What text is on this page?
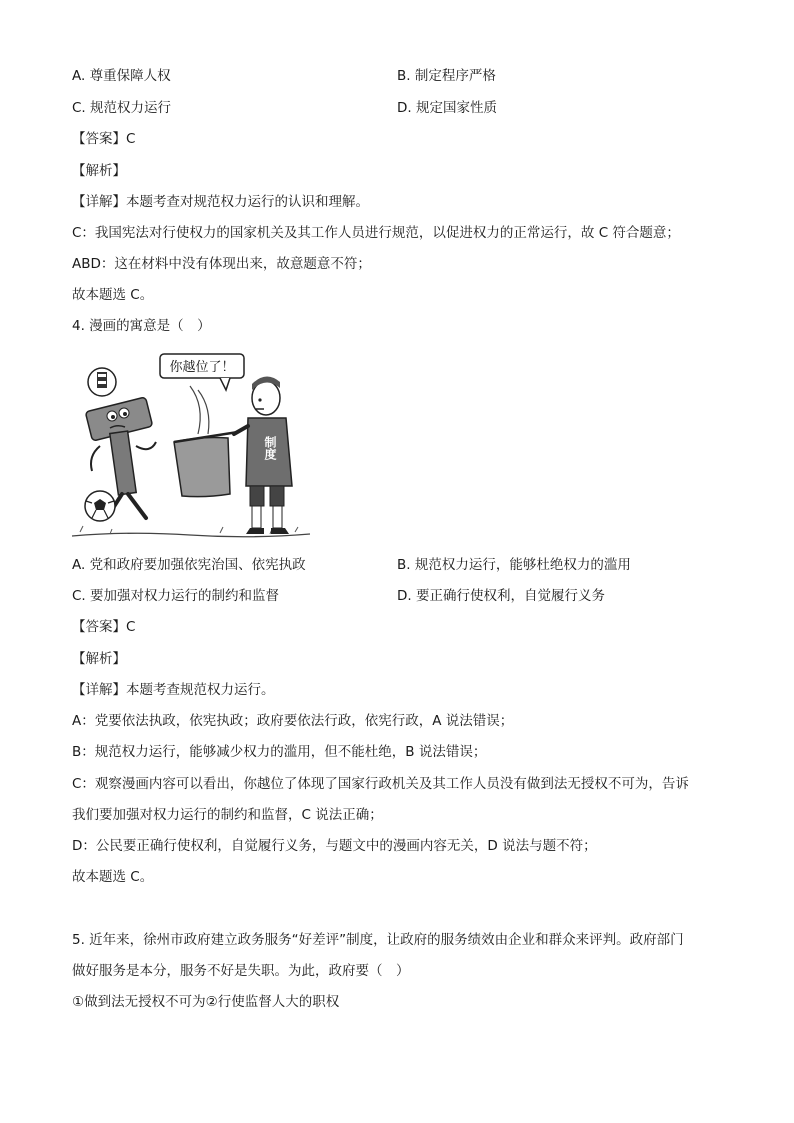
A. 尊重保障人权	B. 制定程序严格
C. 规范权力运行	D. 规定国家性质
【答案】C
【解析】
【详解】本题考查对规范权力运行的认识和理解。
C：我国宪法对行使权力的国家机关及其工作人员进行规范，以促进权力的正常运行，故 C 符合题意；
ABD：这在材料中没有体现出来，故意题意不符；
故本题选 C。
4. 漫画的寓意是（　）
你越位了！
制度
A. 党和政府要加强依宪治国、依宪执政	B. 规范权力运行，能够杜绝权力的滥用
C. 要加强对权力运行的制约和监督	D. 要正确行使权利，自觉履行义务
【答案】C
【解析】
【详解】本题考查规范权力运行。
A：党要依法执政，依宪执政；政府要依法行政，依宪行政，A 说法错误；
B：规范权力运行，能够减少权力的滥用，但不能杜绝，B 说法错误；
C：观察漫画内容可以看出，你越位了体现了国家行政机关及其工作人员没有做到法无授权不可为，告诉
我们要加强对权力运行的制约和监督，C 说法正确；
D：公民要正确行使权利，自觉履行义务，与题文中的漫画内容无关，D 说法与题不符；
故本题选 C。
5. 近年来，徐州市政府建立政务服务“好差评”制度，让政府的服务绩效由企业和群众来评判。政府部门
做好服务是本分，服务不好是失职。为此，政府要（　）
①做到法无授权不可为②行使监督人大的职权
